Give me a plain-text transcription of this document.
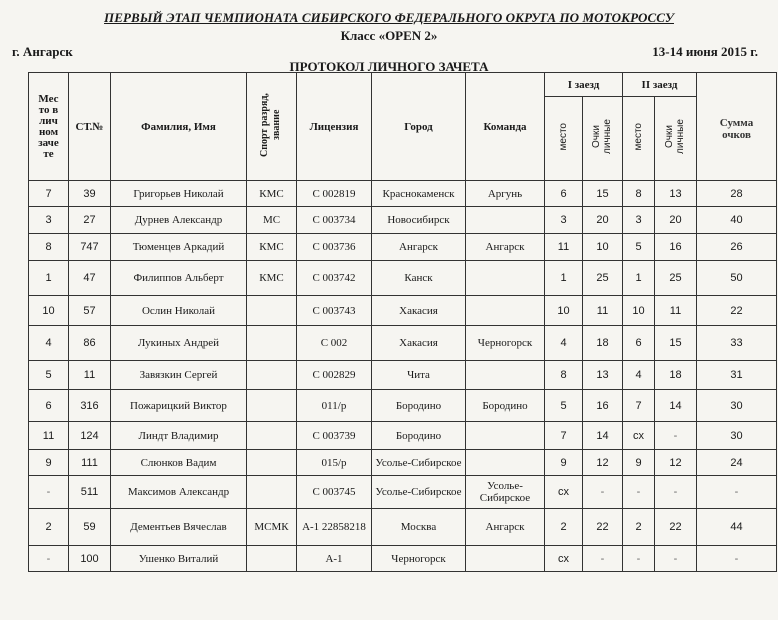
ПЕРВЫЙ ЭТАП ЧЕМПИОНАТА СИБИРСКОГО ФЕДЕРАЛЬНОГО ОКРУГА ПО МОТОКРОССУ
Класс «OPEN 2»
г. Ангарск	13-14 июня 2015 г.
ПРОТОКОЛ ЛИЧНОГО ЗАЧЕТА
Мес то в лич ном заче те	СТ.№	Фамилия, Имя	Спорт разряд, звание	Лицензия	Город	Команда	I заезд		II заезд		Сумма очков
							место	Очки личные	место	Очки личные	
7	39	Григорьев Николай	КМС	С 002819	Краснокаменск	Аргунь	6	15	8	13	28
3	27	Дурнев Александр	МС	С 003734	Новосибирск		3	20	3	20	40
8	747	Тюменцев Аркадий	КМС	С 003736	Ангарск	Ангарск	11	10	5	16	26
1	47	Филиппов Альберт	КМС	С 003742	Канск		1	25	1	25	50
10	57	Ослин Николай		С 003743	Хакасия		10	11	10	11	22
4	86	Лукиных Андрей		С 002	Хакасия	Черногорск	4	18	6	15	33
5	11	Завязкин Сергей		С 002829	Чита		8	13	4	18	31
6	316	Пожарицкий Виктор		011/р	Бородино	Бородино	5	16	7	14	30
11	124	Линдт Владимир		С 003739	Бородино		7	14	сх	-	30
9	111	Слюнков Вадим		015/р	Усолье-Сибирское		9	12	9	12	24
-	511	Максимов Александр		С 003745	Усолье-Сибирское	Усолье-Сибирское	сх	-	-	-	-
2	59	Дементьев Вячеслав	МСМК	А-1 22858218	Москва	Ангарск	2	22	2	22	44
-	100	Ушенко Виталий		А-1	Черногорск		сх	-	-	-	-
